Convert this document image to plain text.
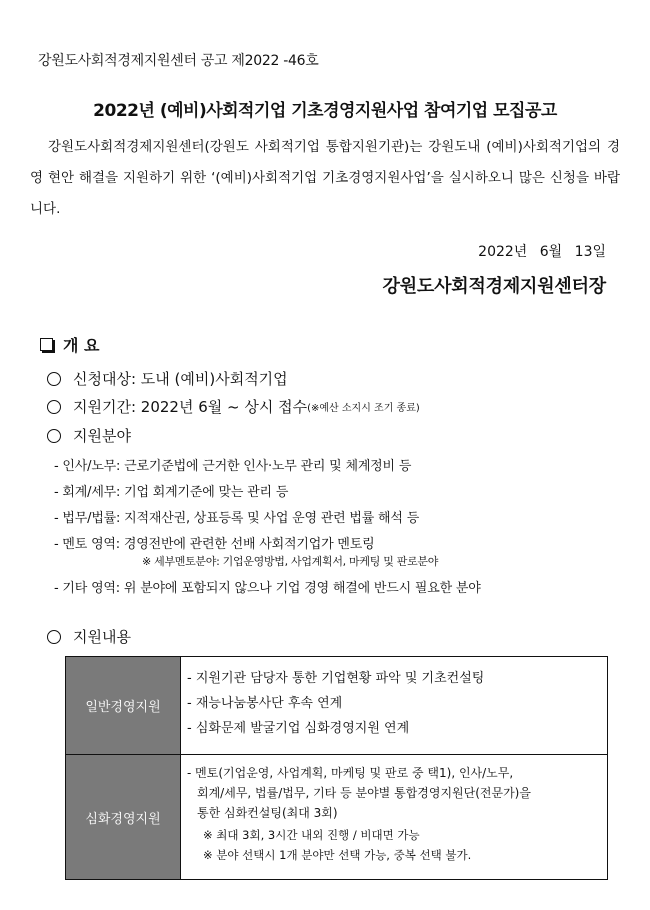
강원도사회적경제지원센터 공고 제2022 -46호
2022년 (예비)사회적기업 기초경영지원사업 참여기업 모집공고
강원도사회적경제지원센터(강원도 사회적기업 통합지원기관)는 강원도내 (예비)사회적기업의 경영 현안 해결을 지원하기 위한 ‘(예비)사회적기업 기초경영지원사업’을 실시하오니 많은 신청을 바랍니다.
2022년 6월 13일
강원도사회적경제지원센터장
개 요
신청대상: 도내 (예비)사회적기업
지원기간: 2022년 6월 ~ 상시 접수 (※예산 소지시 조기 종료)
지원분야
- 인사/노무: 근로기준법에 근거한 인사·노무 관리 및 체계정비 등
- 회계/세무: 기업 회계기준에 맞는 관리 등
- 법무/법률: 지적재산권, 상표등록 및 사업 운영 관련 법률 해석 등
- 멘토 영역: 경영전반에 관련한 선배 사회적기업가 멘토링
※ 세부멘토분야: 기업운영방법, 사업계획서, 마케팅 및 판로분야
- 기타 영역: 위 분야에 포함되지 않으나 기업 경영 해결에 반드시 필요한 분야
지원내용
일반경영지원	- 지원기관 담당자 통한 기업현황 파악 및 기초컨설팅
- 재능나눔봉사단 후속 연계
- 심화문제 발굴기업 심화경영지원 연계

심화경영지원	- 멘토(기업운영, 사업계획, 마케팅 및 판로 중 택1), 인사/노무,
회계/세무, 법률/법무, 기타 등 분야별 통합경영지원단(전문가)을
통한 심화컨설팅(최대 3회)
※ 최대 3회, 3시간 내외 진행 / 비대면 가능
※ 분야 선택시 1개 분야만 선택 가능, 중복 선택 불가.
